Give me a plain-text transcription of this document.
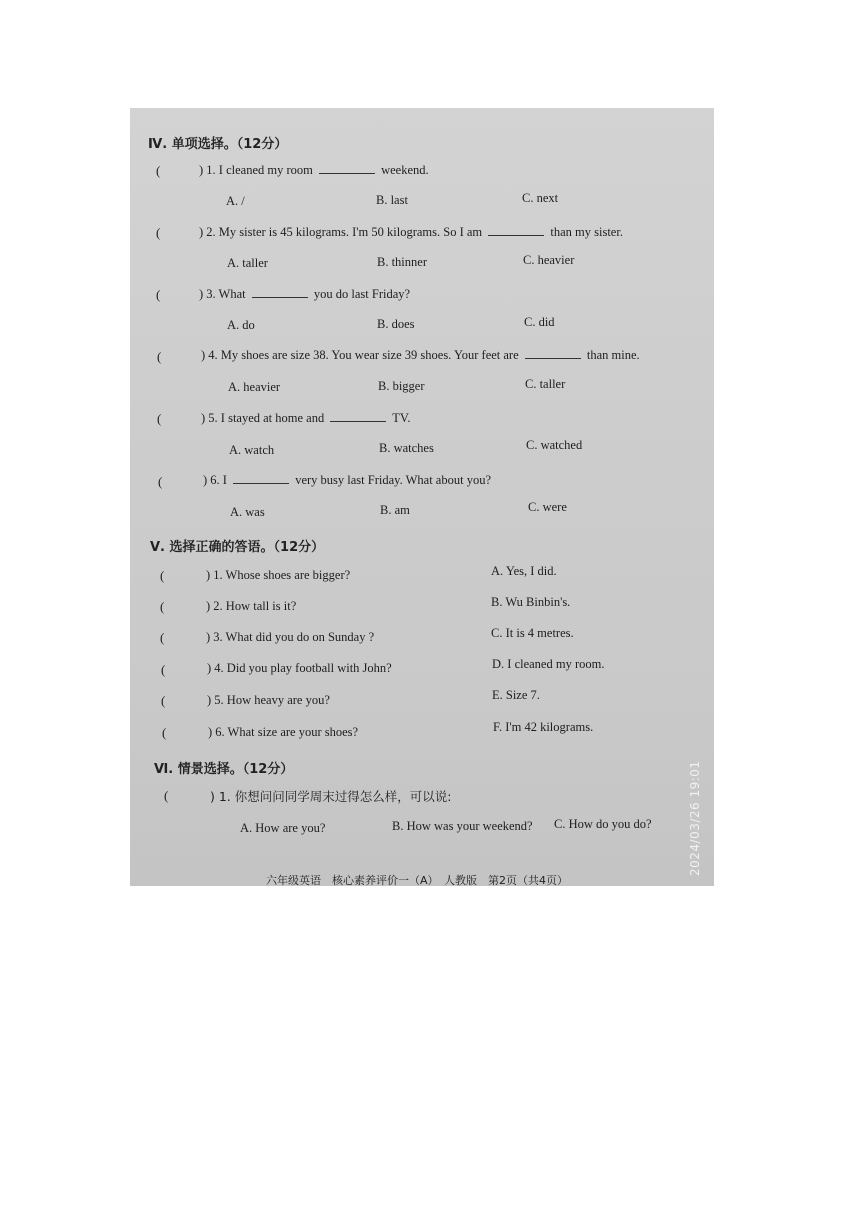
Ⅳ. 单项选择。（12分）
(	) 1. I cleaned my room	weekend.
A. /	B. last	C. next
(	) 2. My sister is 45 kilograms. I'm 50 kilograms. So I am	than my sister.
A. taller	B. thinner	C. heavier
(	) 3. What	you do last Friday?
A. do	B. does	C. did
(	) 4. My shoes are size 38. You wear size 39 shoes. Your feet are	than mine.
A. heavier	B. bigger	C. taller
(	) 5. I stayed at home and	TV.
A. watch	B. watches	C. watched
(	) 6. I	very busy last Friday. What about you?
A. was	B. am	C. were
Ⅴ. 选择正确的答语。（12分）
(	) 1. Whose shoes are bigger?	A. Yes, I did.
(	) 2. How tall is it?	B. Wu Binbin's.
(	) 3. What did you do on Sunday ?	C. It is 4 metres.
(	) 4. Did you play football with John?	D. I cleaned my room.
(	) 5. How heavy are you?	E. Size 7.
(	) 6. What size are your shoes?	F. I'm 42 kilograms.
Ⅵ. 情景选择。（12分）
(	) 1. 你想问问同学周末过得怎么样，可以说:
A. How are you?	B. How was your weekend? C. How do you do?	2024/03/26 19:01
六年级英语　核心素养评价一（A）　人教版　第2页（共4页）
